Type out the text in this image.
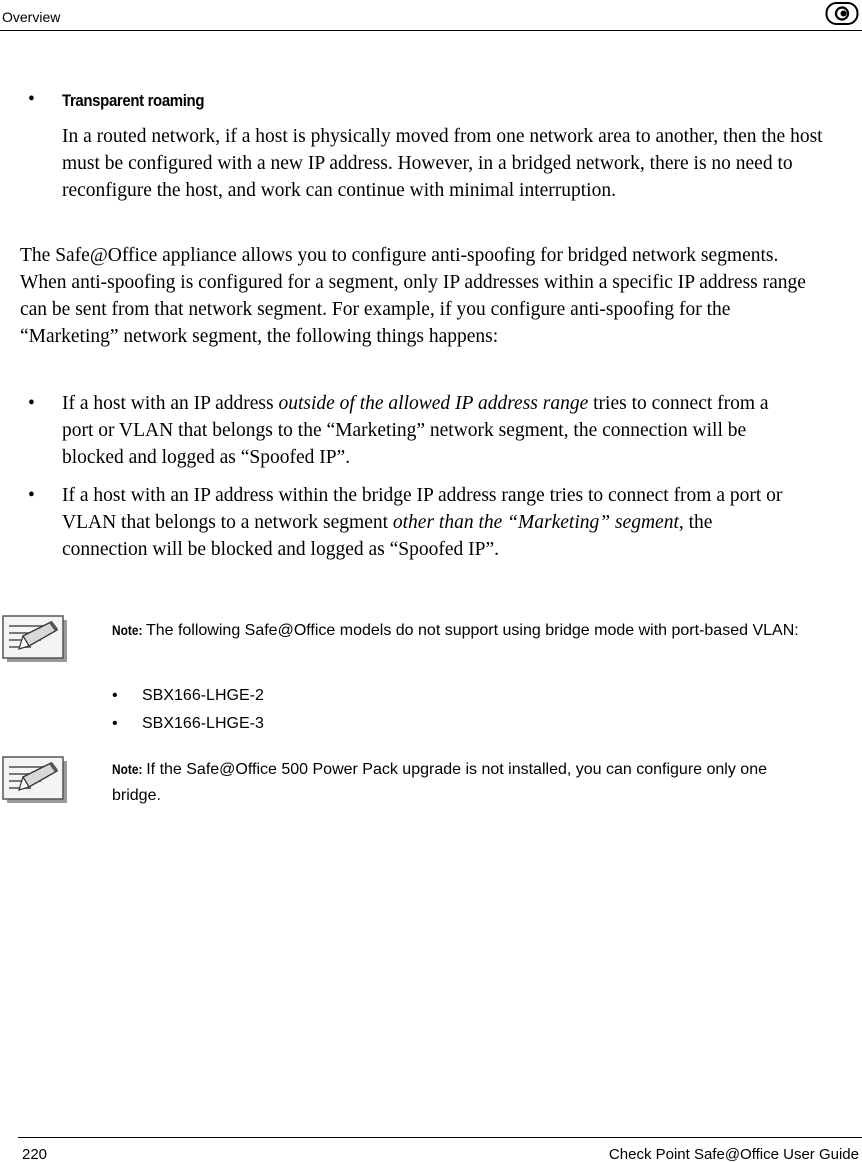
Overview
• Transparent roaming
In a routed network, if a host is physically moved from one network area to another, then the host must be configured with a new IP address. However, in a bridged network, there is no need to reconfigure the host, and work can continue with minimal interruption.
The Safe@Office appliance allows you to configure anti-spoofing for bridged network segments. When anti-spoofing is configured for a segment, only IP addresses within a specific IP address range can be sent from that network segment. For example, if you configure anti-spoofing for the “Marketing” network segment, the following things happens:
• If a host with an IP address outside of the allowed IP address range tries to connect from a port or VLAN that belongs to the “Marketing” network segment, the connection will be blocked and logged as “Spoofed IP”.
• If a host with an IP address within the bridge IP address range tries to connect from a port or VLAN that belongs to a network segment other than the “Marketing” segment, the connection will be blocked and logged as “Spoofed IP”.
Note: The following Safe@Office models do not support using bridge mode with port-based VLAN:
• SBX166-LHGE-2
• SBX166-LHGE-3
Note: If the Safe@Office 500 Power Pack upgrade is not installed, you can configure only one bridge.
220	Check Point Safe@Office User Guide
